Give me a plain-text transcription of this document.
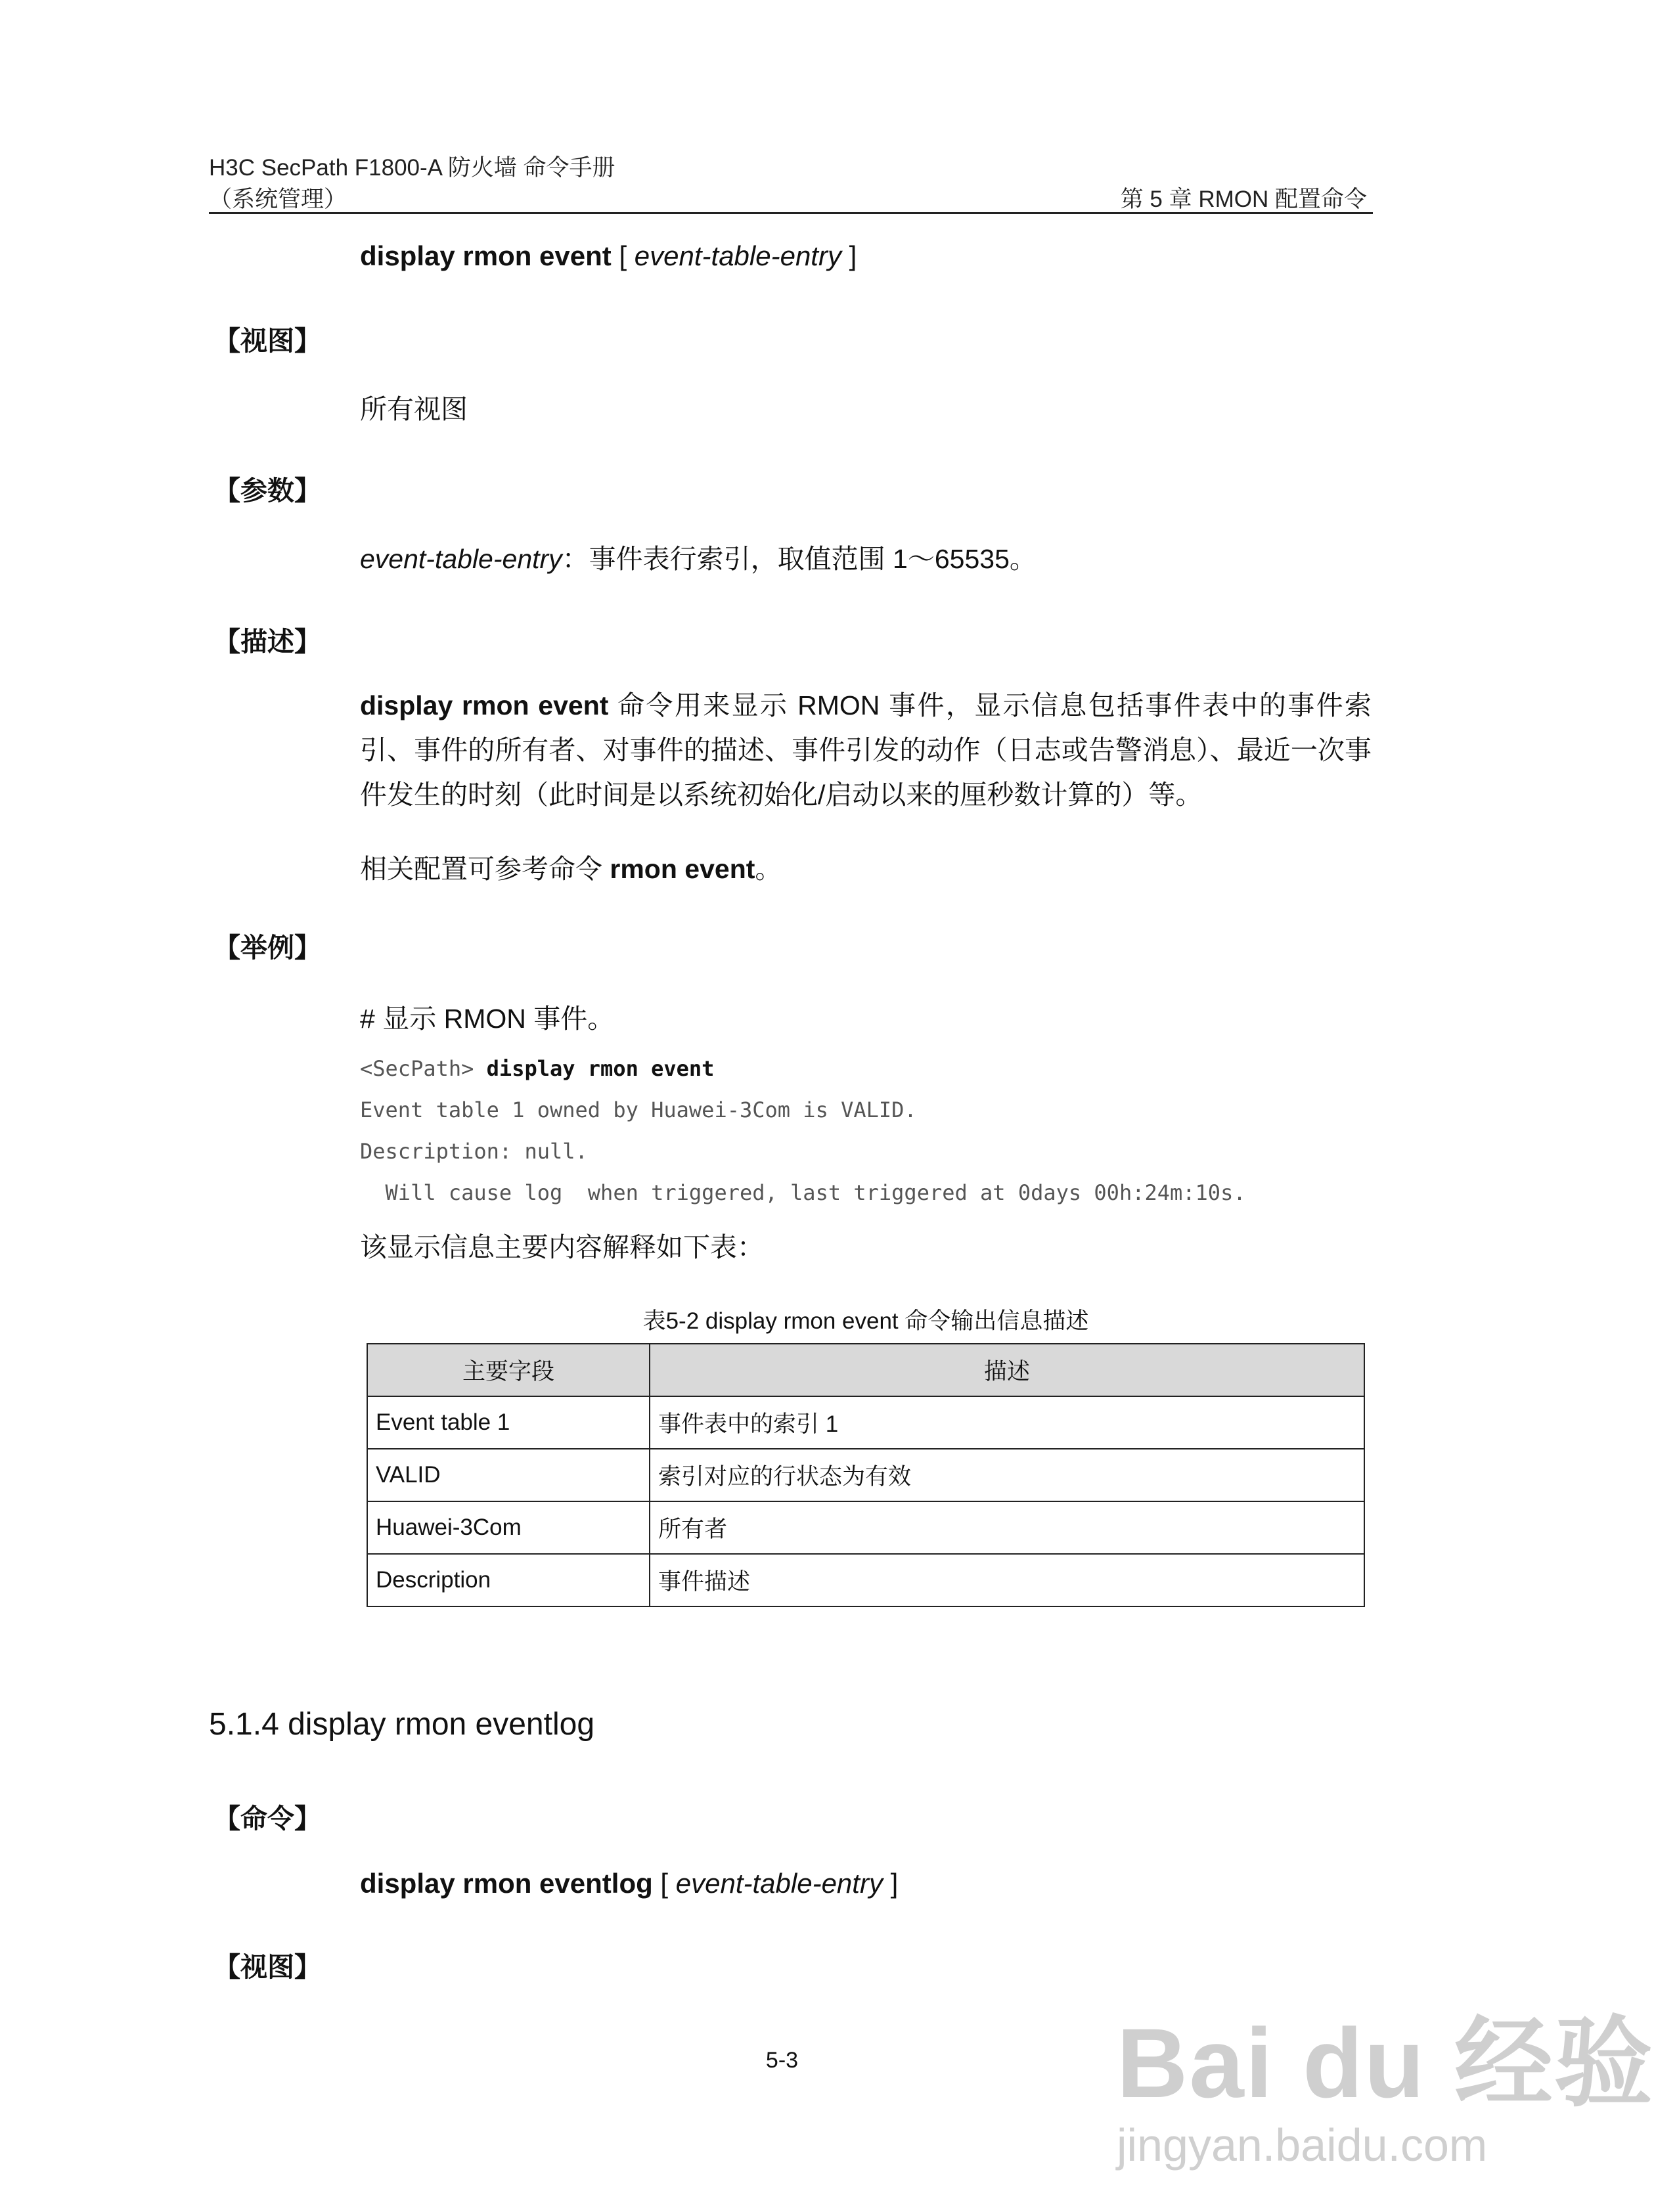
H3C SecPath F1800-A 防火墙 命令手册
（系统管理）	第 5 章 RMON 配置命令
display rmon event [ event-table-entry ]
【视图】
所有视图
【参数】
event-table-entry：事件表行索引，取值范围 1～65535。
【描述】
display rmon event 命令用来显示 RMON 事件，显示信息包括事件表中的事件索引、事件的所有者、对事件的描述、事件引发的动作（日志或告警消息）、最近一次事件发生的时刻（此时间是以系统初始化/启动以来的厘秒数计算的）等。
相关配置可参考命令 rmon event。
【举例】
# 显示 RMON 事件。
<SecPath> display rmon event
Event table 1 owned by Huawei-3Com is VALID.
Description: null.
Will cause log  when triggered, last triggered at 0days 00h:24m:10s.
该显示信息主要内容解释如下表：
表5-2 display rmon event 命令输出信息描述
主要字段	描述
Event table 1	事件表中的索引 1
VALID	索引对应的行状态为有效
Huawei-3Com	所有者
Description	事件描述
5.1.4 display rmon eventlog
【命令】
display rmon eventlog [ event-table-entry ]
【视图】
5-3	Bai du 经验
jingyan.baidu.com
